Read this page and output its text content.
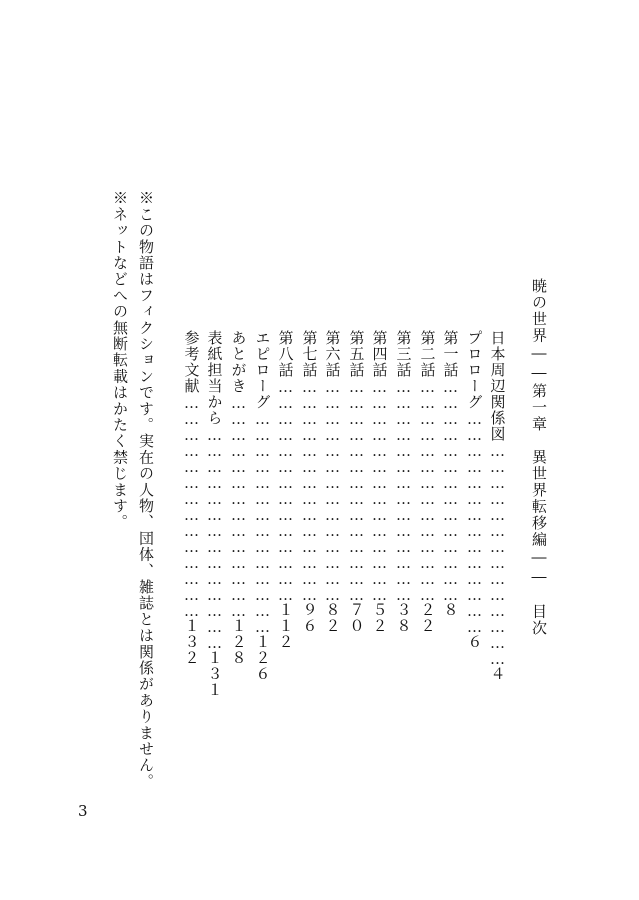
暁の世界――第一章　異世界転移編――　目次
日本周辺関係図
……………………………………
４
プロローグ
……………………………………
６
第一話
……………………………………
８
第二話
……………………………………
２２
第三話
……………………………………
３８
第四話
……………………………………
５２
第五話
……………………………………
７０
第六話
……………………………………
８２
第七話
……………………………………
９６
第八話
……………………………………
１１２
エピローグ
……………………………………
１２６
あとがき
……………………………………
１２８
表紙担当から
……………………………………
１３１
参考文献
……………………………………
１３２
※この物語はフィクションです。実在の人物、団体、雑誌とは関係がありません。
※ネットなどへの無断転載はかたく禁じます。
3
